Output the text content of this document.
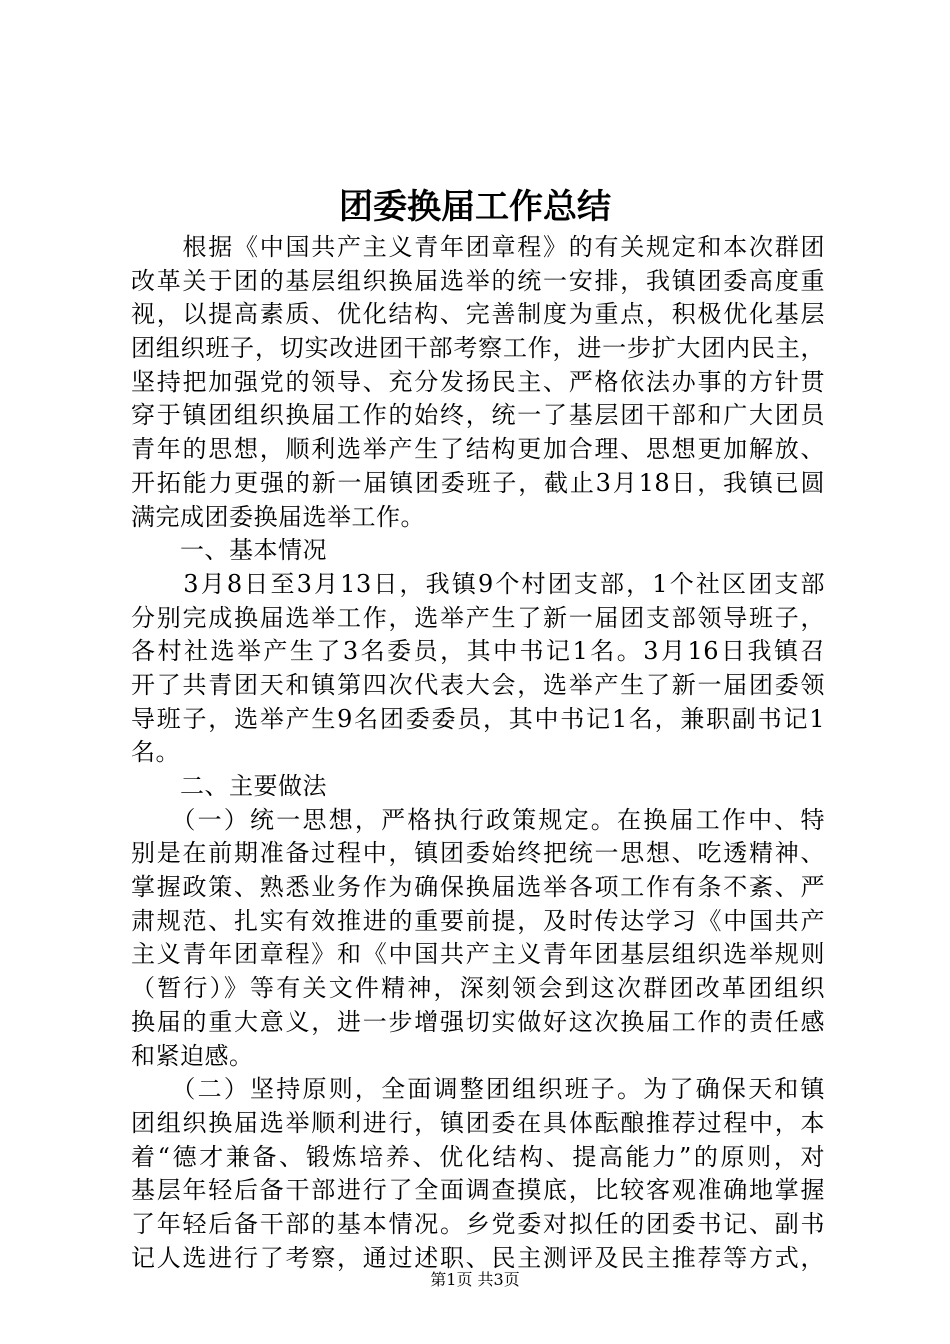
团委换届工作总结
　　根据《中国共产主义青年团章程》的有关规定和本次群团
改革关于团的基层组织换届选举的统一安排，我镇团委高度重
视，以提高素质、优化结构、完善制度为重点，积极优化基层
团组织班子，切实改进团干部考察工作，进一步扩大团内民主，
坚持把加强党的领导、充分发扬民主、严格依法办事的方针贯
穿于镇团组织换届工作的始终，统一了基层团干部和广大团员
青年的思想，顺利选举产生了结构更加合理、思想更加解放、
开拓能力更强的新一届镇团委班子，截止3月18日，我镇已圆
满完成团委换届选举工作。
　　一、基本情况
　　3月8日至3月13日，我镇9个村团支部，1个社区团支部
分别完成换届选举工作，选举产生了新一届团支部领导班子，
各村社选举产生了3名委员，其中书记1名。3月16日我镇召
开了共青团天和镇第四次代表大会，选举产生了新一届团委领
导班子，选举产生9名团委委员，其中书记1名，兼职副书记1
名。
　　二、主要做法
　　（一）统一思想，严格执行政策规定。在换届工作中、特
别是在前期准备过程中，镇团委始终把统一思想、吃透精神、
掌握政策、熟悉业务作为确保换届选举各项工作有条不紊、严
肃规范、扎实有效推进的重要前提，及时传达学习《中国共产
主义青年团章程》和《中国共产主义青年团基层组织选举规则
（暂行）》等有关文件精神，深刻领会到这次群团改革团组织
换届的重大意义，进一步增强切实做好这次换届工作的责任感
和紧迫感。
　　（二）坚持原则，全面调整团组织班子。为了确保天和镇
团组织换届选举顺利进行，镇团委在具体酝酿推荐过程中，本
着“德才兼备、锻炼培养、优化结构、提高能力”的原则，对
基层年轻后备干部进行了全面调查摸底，比较客观准确地掌握
了年轻后备干部的基本情况。乡党委对拟任的团委书记、副书
记人选进行了考察，通过述职、民主测评及民主推荐等方式，
第1页 共3页
